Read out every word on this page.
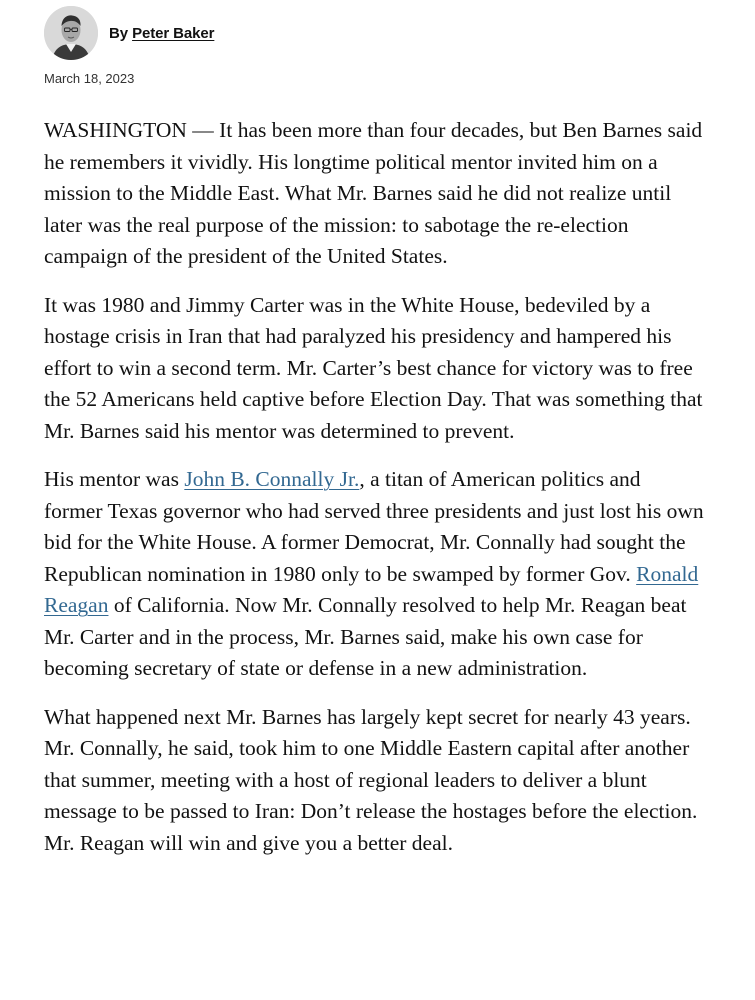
By Peter Baker
March 18, 2023

WASHINGTON — It has been more than four decades, but Ben Barnes said he remembers it vividly. His longtime political mentor invited him on a mission to the Middle East. What Mr. Barnes said he did not realize until later was the real purpose of the mission: to sabotage the re-election campaign of the president of the United States.

It was 1980 and Jimmy Carter was in the White House, bedeviled by a hostage crisis in Iran that had paralyzed his presidency and hampered his effort to win a second term. Mr. Carter’s best chance for victory was to free the 52 Americans held captive before Election Day. That was something that Mr. Barnes said his mentor was determined to prevent.

His mentor was John B. Connally Jr., a titan of American politics and former Texas governor who had served three presidents and just lost his own bid for the White House. A former Democrat, Mr. Connally had sought the Republican nomination in 1980 only to be swamped by former Gov. Ronald Reagan of California. Now Mr. Connally resolved to help Mr. Reagan beat Mr. Carter and in the process, Mr. Barnes said, make his own case for becoming secretary of state or defense in a new administration.

What happened next Mr. Barnes has largely kept secret for nearly 43 years. Mr. Connally, he said, took him to one Middle Eastern capital after another that summer, meeting with a host of regional leaders to deliver a blunt message to be passed to Iran: Don’t release the hostages before the election. Mr. Reagan will win and give you a better deal.
